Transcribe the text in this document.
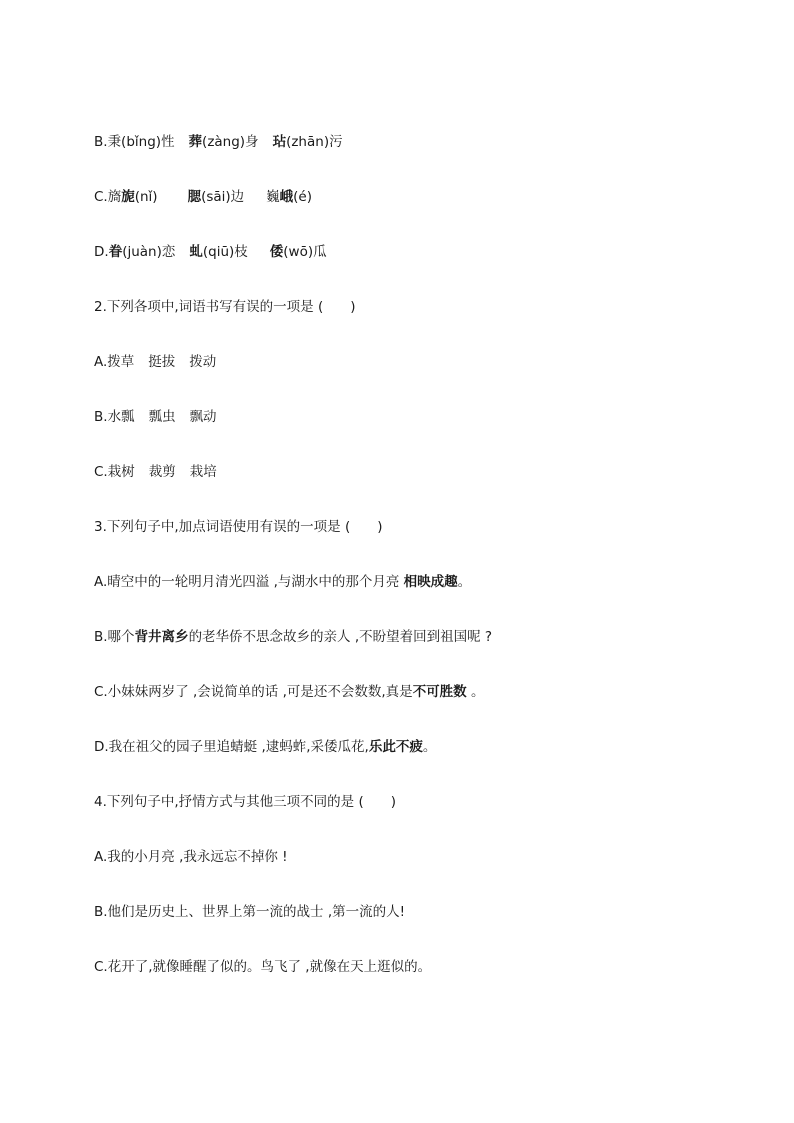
B.秉(bǐng)性 葬(zàng)身 玷(zhān)污
C.旖旎(nǐ) 腮(sāi)边 巍峨(é)
D.眷(juàn)恋 虬(qiū)枝 倭(wō)瓜
2.下列各项中,词语书写有误的一项是 (　　)
A.拨草 挺拔 拨动
B.水瓢 瓢虫 飘动
C.栽树 裁剪 栽培
3.下列句子中,加点词语使用有误的一项是 (　　)
A.晴空中的一轮明月清光四溢 ,与湖水中的那个月亮 相映成趣。
B.哪个背井离乡的老华侨不思念故乡的亲人 ,不盼望着回到祖国呢 ?
C.小妹妹两岁了 ,会说简单的话 ,可是还不会数数,真是不可胜数 。
D.我在祖父的园子里追蜻蜓 ,逮蚂蚱,采倭瓜花,乐此不疲。
4.下列句子中,抒情方式与其他三项不同的是 (　　)
A.我的小月亮 ,我永远忘不掉你 !
B.他们是历史上、世界上第一流的战士 ,第一流的人!
C.花开了,就像睡醒了似的。鸟飞了 ,就像在天上逛似的。
